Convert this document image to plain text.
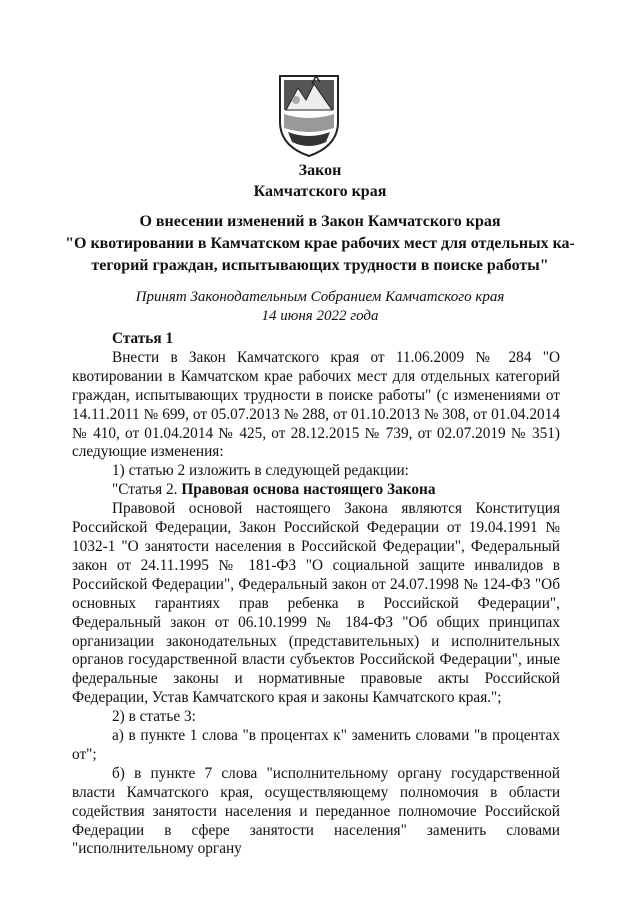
Закон
Камчатского края
О внесении изменений в Закон Камчатского края
"О квотировании в Камчатском крае рабочих мест для отдельных ка-
тегорий граждан, испытывающих трудности в поиске работы"
Принят Законодательным Собранием Камчатского края
14 июня 2022 года

Статья 1

Внести в Закон Камчатского края от 11.06.2009 № 284 "О квотировании в Камчатском крае рабочих мест для отдельных категорий граждан, испытывающих трудности в поиске работы" (с изменениями от 14.11.2011 № 699, от 05.07.2013 № 288, от 01.10.2013 № 308, от 01.04.2014 № 410, от 01.04.2014 № 425, от 28.12.2015 № 739, от 02.07.2019 № 351) следующие изменения:

1) статью 2 изложить в следующей редакции:

"Статья 2. Правовая основа настоящего Закона

Правовой основой настоящего Закона являются Конституция Российской Федерации, Закон Российской Федерации от 19.04.1991 № 1032-1 "О занятости населения в Российской Федерации", Федеральный закон от 24.11.1995 № 181-ФЗ "О социальной защите инвалидов в Российской Федерации", Федеральный закон от 24.07.1998 № 124-ФЗ "Об основных гарантиях прав ребенка в Российской Федерации", Федеральный закон от 06.10.1999 № 184-ФЗ "Об общих принципах организации законодательных (представительных) и исполнительных органов государственной власти субъектов Российской Федерации", иные федеральные законы и нормативные правовые акты Российской Федерации, Устав Камчатского края и законы Камчатского края.";

2) в статье 3:

а) в пункте 1 слова "в процентах к" заменить словами "в процентах от";

б) в пункте 7 слова "исполнительному органу государственной власти Камчатского края, осуществляющему полномочия в области содействия занятости населения и переданное полномочие Российской Федерации в сфере занятости населения" заменить словами "исполнительному органу
